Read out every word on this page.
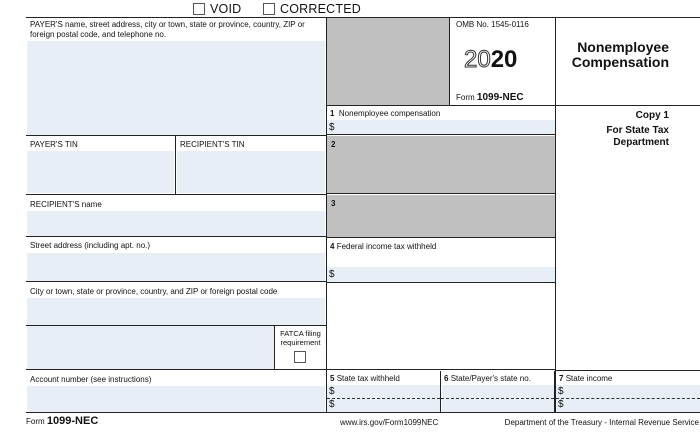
VOID	CORRECTED
PAYER'S name, street address, city or town, state or province, country, ZIP or foreign postal code, and telephone no.
PAYER'S TIN	RECIPIENT'S TIN
RECIPIENT'S name
Street address (including apt. no.)
City or town, state or province, country, and ZIP or foreign postal code
FATCA filing
requirement
Account number (see instructions)
OMB No. 1545-0116
2020
Form 1099-NEC
1 Nonemployee compensation
$
2
3
4 Federal income tax withheld
$
5 State tax withheld
$
$
6 State/Payer's state no.
Nonemployee
Compensation
Copy 1
For State Tax
Department
7 State income
$
$
Form 1099-NEC	www.irs.gov/Form1099NEC	Department of the Treasury - Internal Revenue Service
